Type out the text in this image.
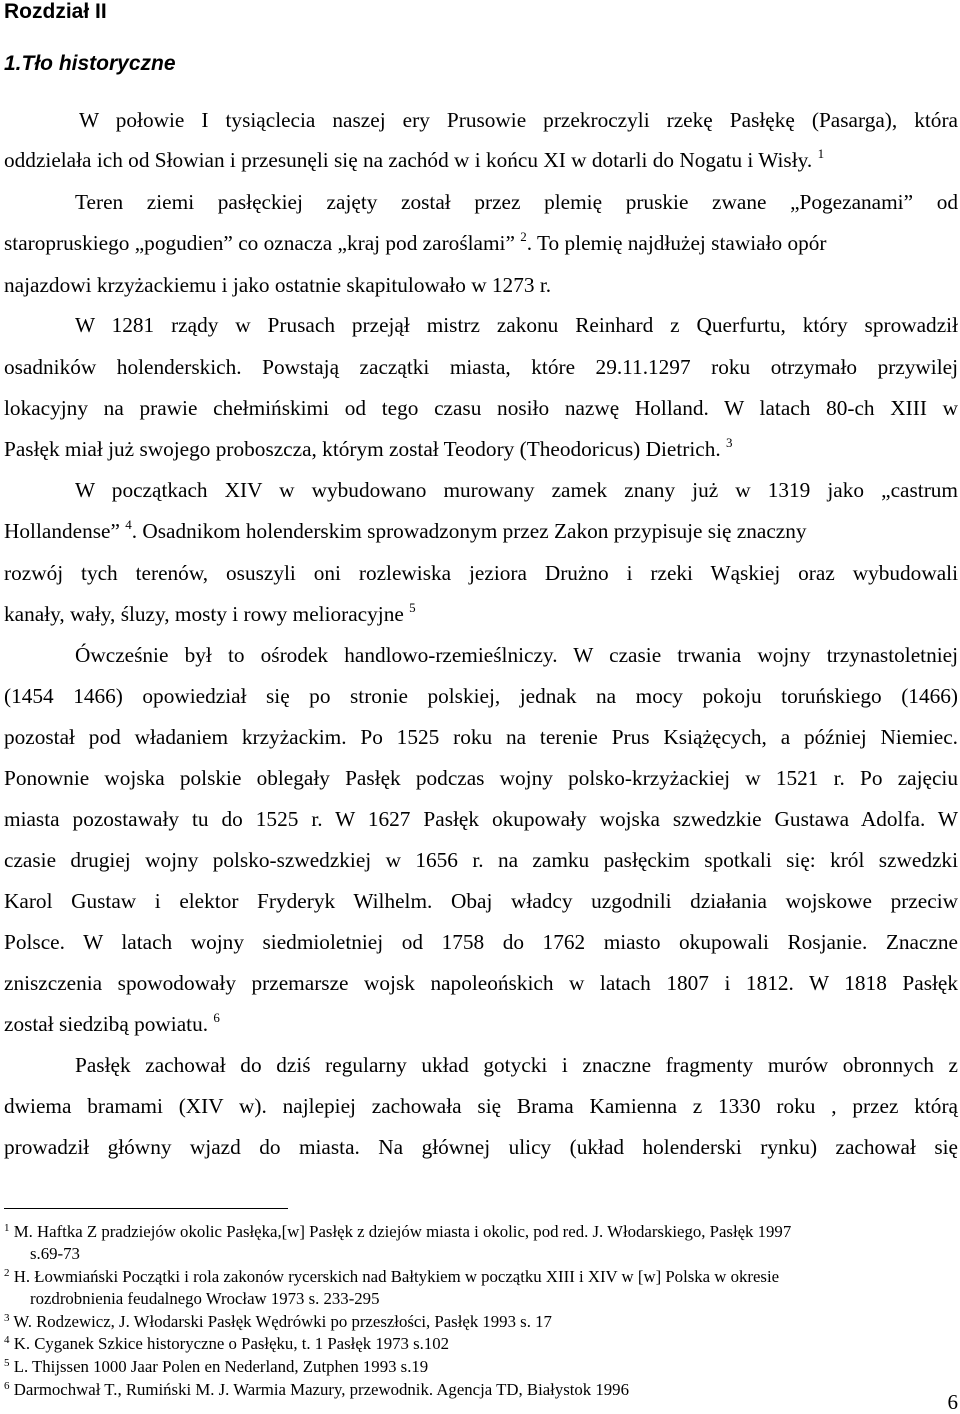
Rozdział II
1.Tło historyczne
W połowie I tysiąclecia naszej ery Prusowie przekroczyli rzekę Pasłękę (Pasarga), która
oddzielała ich od Słowian i przesunęli się na zachód w i końcu XI w dotarli do Nogatu i Wisły. $^1$
Teren ziemi pasłęckiej zajęty został przez plemię pruskie zwane „Pogezanami” od
staropruskiego „pogudien” co oznacza „kraj pod zaroślami” $^2$. To plemię najdłużej stawiało opór
najazdowi krzyżackiemu i jako ostatnie skapitulowało w 1273 r.
W 1281 rządy w Prusach przejął mistrz zakonu Reinhard z Querfurtu, który sprowadził
osadników holenderskich. Powstają zaczątki miasta, które 29.11.1297 roku otrzymało przywilej
lokacyjny na prawie chełmińskimi od tego czasu nosiło nazwę Holland. W latach 80-ch XIII w
Pasłęk miał już swojego proboszcza, którym został Teodory (Theodoricus) Dietrich. $^3$
W początkach XIV w wybudowano murowany zamek znany już w 1319 jako „castrum
Hollandense” $^4$. Osadnikom holenderskim sprowadzonym przez Zakon przypisuje się znaczny
rozwój tych terenów, osuszyli oni rozlewiska jeziora Drużno i rzeki Wąskiej oraz wybudowali
kanały, wały, śluzy, mosty i rowy melioracyjne $^5$
Ówcześnie był to ośrodek handlowo-rzemieślniczy. W czasie trwania wojny trzynastoletniej
(1454 1466) opowiedział się po stronie polskiej, jednak na mocy pokoju toruńskiego (1466)
pozostał pod władaniem krzyżackim. Po 1525 roku na terenie Prus Książęcych, a później Niemiec.
Ponownie wojska polskie oblegały Pasłęk podczas wojny polsko-krzyżackiej w 1521 r. Po zajęciu
miasta pozostawały tu do 1525 r. W 1627 Pasłęk okupowały wojska szwedzkie Gustawa Adolfa. W
czasie drugiej wojny polsko-szwedzkiej w 1656 r. na zamku pasłęckim spotkali się: król szwedzki
Karol Gustaw i elektor Fryderyk Wilhelm. Obaj władcy uzgodnili działania wojskowe przeciw
Polsce. W latach wojny siedmioletniej od 1758 do 1762 miasto okupowali Rosjanie. Znaczne
zniszczenia spowodowały przemarsze wojsk napoleońskich w latach 1807 i 1812. W 1818 Pasłęk
został siedzibą powiatu. $^6$
Pasłęk zachował do dziś regularny układ gotycki i znaczne fragmenty murów obronnych z
dwiema bramami (XIV w). najlepiej zachowała się Brama Kamienna z 1330 roku , przez którą
prowadził główny wjazd do miasta. Na głównej ulicy (układ holenderski rynku) zachował się
$^1$ M. Haftka Z pradziejów okolic Pasłęka,[w] Pasłęk z dziejów miasta i okolic, pod red. J. Włodarskiego, Pasłęk 1997
s.69-73
$^2$ H. Łowmiański Początki i rola zakonów rycerskich nad Bałtykiem w początku XIII i XIV w [w] Polska w okresie
rozdrobnienia feudalnego Wrocław 1973 s. 233-295
$^3$ W. Rodzewicz, J. Włodarski Pasłęk Wędrówki po przeszłości, Pasłęk 1993 s. 17
$^4$ K. Cyganek Szkice historyczne o Pasłęku, t. 1 Pasłęk 1973 s.102
$^5$ L. Thijssen 1000 Jaar Polen en Nederland, Zutphen 1993 s.19
$^6$ Darmochwał T., Rumiński M. J. Warmia Mazury, przewodnik. Agencja TD, Białystok 1996
6
